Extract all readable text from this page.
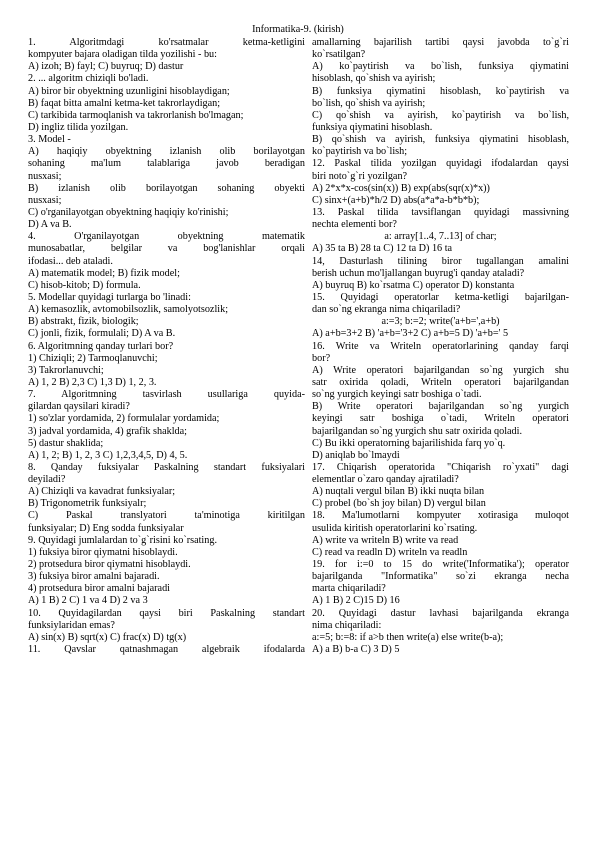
Informatika-9. (kirish)
1. Algoritmdagi ko'rsatmalar ketma-ketligini
kompyuter bajara oladigan tilda yozilishi - bu:
A) izoh; B) fayl; C) buyruq; D) dastur
2. ... algoritm chiziqli bo'ladi.
A) biror bir obyektning uzunligini hisoblaydigan;
B) faqat bitta amalni ketma-ket takrorlaydigan;
C) tarkibida tarmoqlanish va takrorlanish bo'lmagan;
D) ingliz tilida yozilgan.
3. Model -
A) haqiqiy obyektning izlanish olib borilayotgan
sohaning ma'lum talablariga javob beradigan
nusxasi;
B) izlanish olib borilayotgan sohaning obyekti
nusxasi;
C) o'rganilayotgan obyektning haqiqiy ko'rinishi;
D) A va B.
4. O'rganilayotgan obyektning matematik
munosabatlar, belgilar va bog'lanishlar orqali
ifodasi... deb ataladi.
A) matematik model; B) fizik model;
C) hisob-kitob; D) formula.
5. Modellar quyidagi turlarga bo 'linadi:
A) kemasozlik, avtomobilsozlik, samolyotsozlik;
B) abstrakt, fizik, biologik;
C) jonli, fizik, formulali; D) A va B.
6. Algoritmning qanday turlari bor?
1) Chiziqli; 2) Tarmoqlanuvchi;
3) Takrorlanuvchi;
A) 1, 2 B) 2,3 C) 1,3 D) 1, 2, 3.
7. Algoritmning tasvirlash usullariga quyida-
gilardan qaysilari kiradi?
1) so'zlar yordamida, 2) formulalar yordamida;
3) jadval yordamida, 4) grafik shaklda;
5) dastur shaklida;
A) 1, 2; B) 1, 2, 3 C) 1,2,3,4,5, D) 4, 5.
8. Qanday fuksiyalar Paskalning standart fuksiyalari
deyiladi?
A) Chiziqli va kavadrat funksiyalar;
B) Trigonometrik funksiyalr;
C) Paskal translyatori ta'minotiga kiritilgan
funksiyalar; D) Eng sodda funksiyalar
9. Quyidagi jumlalardan to`g`risini ko`rsating.
1) fuksiya biror qiymatni hisoblaydi.
2) protsedura biror qiymatni hisoblaydi.
3) fuksiya biror amalni bajaradi.
4) protsedura biror amalni bajaradi
A) 1 B) 2 C) 1 va 4 D) 2 va 3
10. Quyidagilardan qaysi biri Paskalning standart
funksiylaridan emas?
A) sin(x) B) sqrt(x) C) frac(x) D) tg(x)
11. Qavslar qatnashmagan algebraik ifodalarda
amallarning bajarilish tartibi qaysi javobda to`g`ri
ko`rsatilgan?
A) ko`paytirish va bo`lish, funksiya qiymatini
hisoblash, qo`shish va ayirish;
B) funksiya qiymatini hisoblash, ko`paytirish va
bo`lish, qo`shish va ayirish;
C) qo`shish va ayirish, ko`paytirish va bo`lish,
funksiya qiymatini hisoblash.
B) qo`shish va ayirish, funksiya qiymatini hisoblash,
ko`paytirish va bo`lish;
12. Paskal tilida yozilgan quyidagi ifodalardan qaysi
biri noto`g`ri yozilgan?
A) 2*x*x-cos(sin(x)) B) exp(abs(sqr(x)*x))
C) sinx+(a+b)*h/2 D) abs(a*a*a-b*b*b);
13. Paskal tilida tavsiflangan quyidagi massivning
nechta elementi bor?
a: array[1..4, 7..13] of char;
A) 35 ta B) 28 ta C) 12 ta D) 16 ta
14, Dasturlash tilining biror tugallangan amalini
berish uchun mo'ljallangan buyrug'i qanday ataladi?
A) buyruq B) ko`rsatma C) operator D) konstanta
15. Quyidagi operatorlar ketma-ketligi bajarilgan-
dan so`ng ekranga nima chiqariladi?
a:=3; b:=2; write('a+b=',a+b)
A) a+b=3+2 B) 'a+b='3+2 C) a+b=5 D) 'a+b=' 5
16. Write va Writeln operatorlarining qanday farqi
bor?
A) Write operatori bajarilgandan so`ng yurgich shu
satr oxirida qoladi, Writeln operatori bajarilgandan
so`ng yurgich keyingi satr boshiga o`tadi.
B) Write operatori bajarilgandan so`ng yurgich
keyingi satr boshiga o`tadi, Writeln operatori
bajarilgandan so`ng yurgich shu satr oxirida qoladi.
C) Bu ikki operatorning bajarilishida farq yo`q.
D) aniqlab bo`lmaydi
17. Chiqarish operatorida "Chiqarish ro`yxati" dagi
elementlar o`zaro qanday ajratiladi?
A) nuqtali vergul bilan B) ikki nuqta bilan
C) probel (bo`sh joy bilan) D) vergul bilan
18. Ma'lumotlarni kompyuter xotirasiga muloqot
usulida kiritish operatorlarini ko`rsating.
A) write va writeln B) write va read
C) read va readln D) writeln va readln
19. for i:=0 to 15 do write('Informatika'); operator
bajarilganda "Informatika" so`zi ekranga necha
marta chiqariladi?
A) 1 B) 2 C)15 D) 16
20. Quyidagi dastur lavhasi bajarilganda ekranga
nima chiqariladi:
a:=5; b:=8: if a>b then write(a) else write(b-a);
A) a B) b-a C) 3 D) 5
